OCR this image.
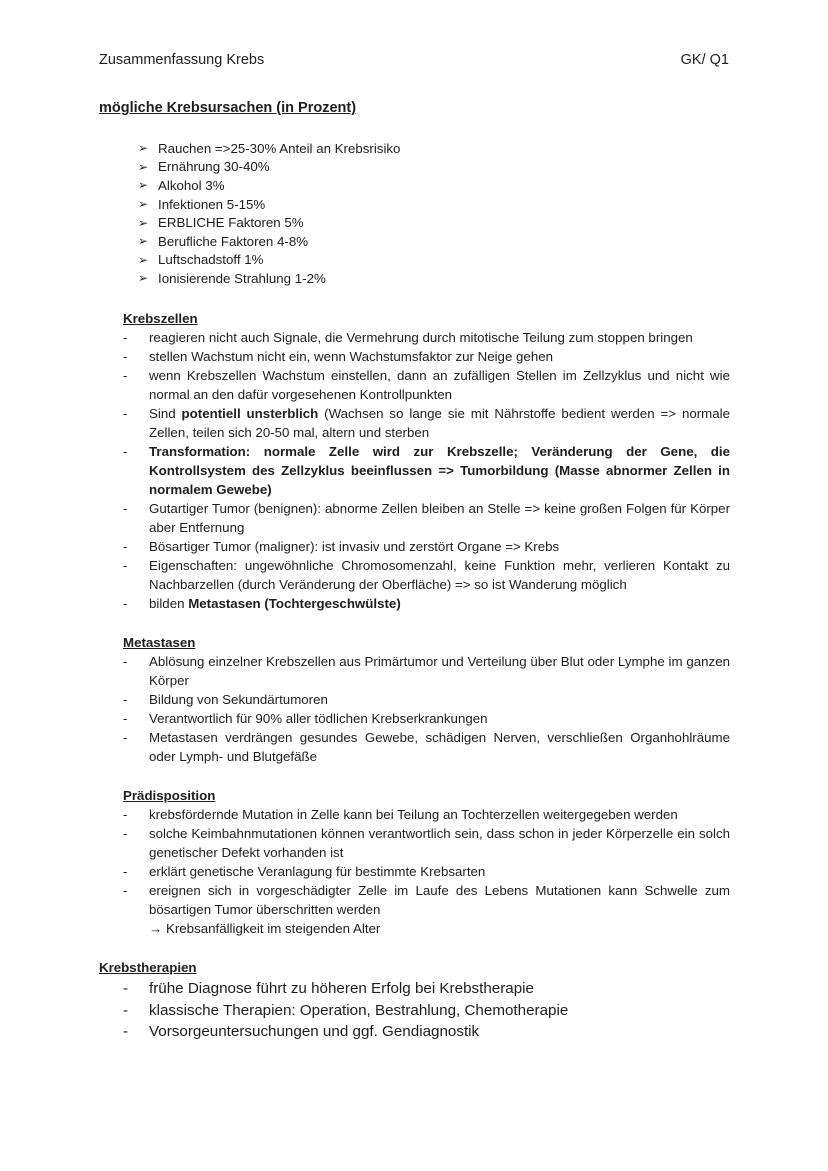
Zusammenfassung Krebs	GK/ Q1
mögliche Krebsursachen (in Prozent)
➢ Rauchen =>25-30% Anteil an Krebsrisiko
➢ Ernährung 30-40%
➢ Alkohol 3%
➢ Infektionen 5-15%
➢ ERBLICHE Faktoren 5%
➢ Berufliche Faktoren 4-8%
➢ Luftschadstoff 1%
➢ Ionisierende Strahlung 1-2%
Krebszellen
- reagieren nicht auch Signale, die Vermehrung durch mitotische Teilung zum stoppen bringen
- stellen Wachstum nicht ein, wenn Wachstumsfaktor zur Neige gehen
- wenn Krebszellen Wachstum einstellen, dann an zufälligen Stellen im Zellzyklus und nicht wie normal an den dafür vorgesehenen Kontrollpunkten
- Sind potentiell unsterblich (Wachsen so lange sie mit Nährstoffe bedient werden => normale Zellen, teilen sich 20-50 mal, altern und sterben
- Transformation: normale Zelle wird zur Krebszelle; Veränderung der Gene, die Kontrollsystem des Zellzyklus beeinflussen => Tumorbildung (Masse abnormer Zellen in normalem Gewebe)
- Gutartiger Tumor (benignen): abnorme Zellen bleiben an Stelle => keine großen Folgen für Körper aber Entfernung
- Bösartiger Tumor (maligner): ist invasiv und zerstört Organe => Krebs
- Eigenschaften: ungewöhnliche Chromosomenzahl, keine Funktion mehr, verlieren Kontakt zu Nachbarzellen (durch Veränderung der Oberfläche) => so ist Wanderung möglich
- bilden Metastasen (Tochtergeschwülste)
Metastasen
- Ablösung einzelner Krebszellen aus Primärtumor und Verteilung über Blut oder Lymphe im ganzen Körper
- Bildung von Sekundärtumoren
- Verantwortlich für 90% aller tödlichen Krebserkrankungen
- Metastasen verdrängen gesundes Gewebe, schädigen Nerven, verschließen Organhohlräume oder Lymph- und Blutgefäße
Prädisposition
- krebsfördernde Mutation in Zelle kann bei Teilung an Tochterzellen weitergegeben werden
- solche Keimbahnmutationen können verantwortlich sein, dass schon in jeder Körperzelle ein solch genetischer Defekt vorhanden ist
- erklärt genetische Veranlagung für bestimmte Krebsarten
- ereignen sich in vorgeschädigter Zelle im Laufe des Lebens Mutationen kann Schwelle zum bösartigen Tumor überschritten werden
→ Krebsanfälligkeit im steigenden Alter
Krebstherapien
- frühe Diagnose führt zu höheren Erfolg bei Krebstherapie
- klassische Therapien: Operation, Bestrahlung, Chemotherapie
- Vorsorgeuntersuchungen und ggf. Gendiagnostik
